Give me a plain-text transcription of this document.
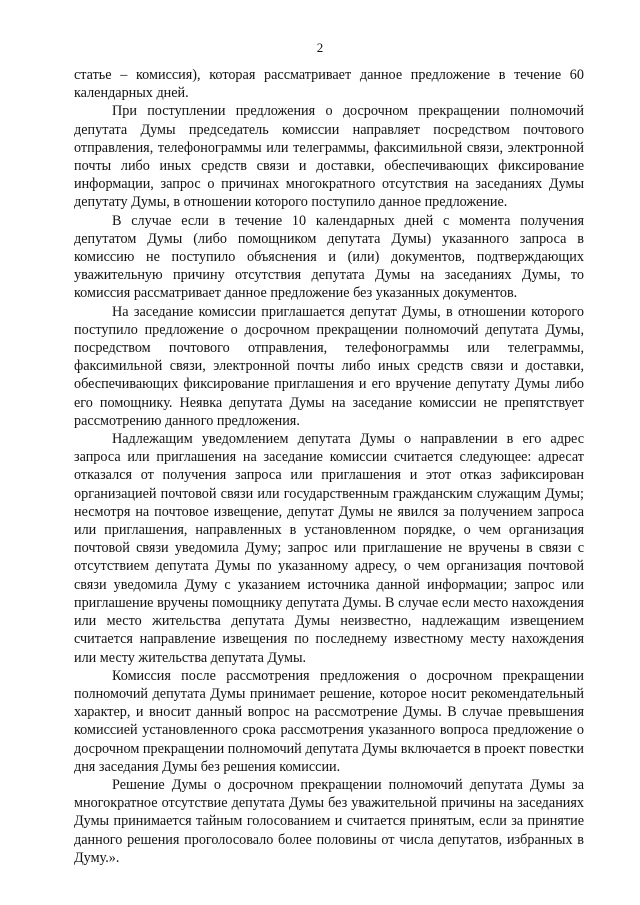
2

статье – комиссия), которая рассматривает данное предложение в течение 60 календарных дней.

При поступлении предложения о досрочном прекращении полномочий депутата Думы председатель комиссии направляет посредством почтового отправления, телефонограммы или телеграммы, факсимильной связи, электронной почты либо иных средств связи и доставки, обеспечивающих фиксирование информации, запрос о причинах многократного отсутствия на заседаниях Думы депутату Думы, в отношении которого поступило данное предложение.

В случае если в течение 10 календарных дней с момента получения депутатом Думы (либо помощником депутата Думы) указанного запроса в комиссию не поступило объяснения и (или) документов, подтверждающих уважительную причину отсутствия депутата Думы на заседаниях Думы, то комиссия рассматривает данное предложение без указанных документов.

На заседание комиссии приглашается депутат Думы, в отношении которого поступило предложение о досрочном прекращении полномочий депутата Думы, посредством почтового отправления, телефонограммы или телеграммы, факсимильной связи, электронной почты либо иных средств связи и доставки, обеспечивающих фиксирование приглашения и его вручение депутату Думы либо его помощнику. Неявка депутата Думы на заседание комиссии не препятствует рассмотрению данного предложения.

Надлежащим уведомлением депутата Думы о направлении в его адрес запроса или приглашения на заседание комиссии считается следующее: адресат отказался от получения запроса или приглашения и этот отказ зафиксирован организацией почтовой связи или государственным гражданским служащим Думы; несмотря на почтовое извещение, депутат Думы не явился за получением запроса или приглашения, направленных в установленном порядке, о чем организация почтовой связи уведомила Думу; запрос или приглашение не вручены в связи с отсутствием депутата Думы по указанному адресу, о чем организация почтовой связи уведомила Думу с указанием источника данной информации; запрос или приглашение вручены помощнику депутата Думы. В случае если место нахождения или место жительства депутата Думы неизвестно, надлежащим извещением считается направление извещения по последнему известному месту нахождения или месту жительства депутата Думы.

Комиссия после рассмотрения предложения о досрочном прекращении полномочий депутата Думы принимает решение, которое носит рекомендательный характер, и вносит данный вопрос на рассмотрение Думы. В случае превышения комиссией установленного срока рассмотрения указанного вопроса предложение о досрочном прекращении полномочий депутата Думы включается в проект повестки дня заседания Думы без решения комиссии.

Решение Думы о досрочном прекращении полномочий депутата Думы за многократное отсутствие депутата Думы без уважительной причины на заседаниях Думы принимается тайным голосованием и считается принятым, если за принятие данного решения проголосовало более половины от числа депутатов, избранных в Думу.».
